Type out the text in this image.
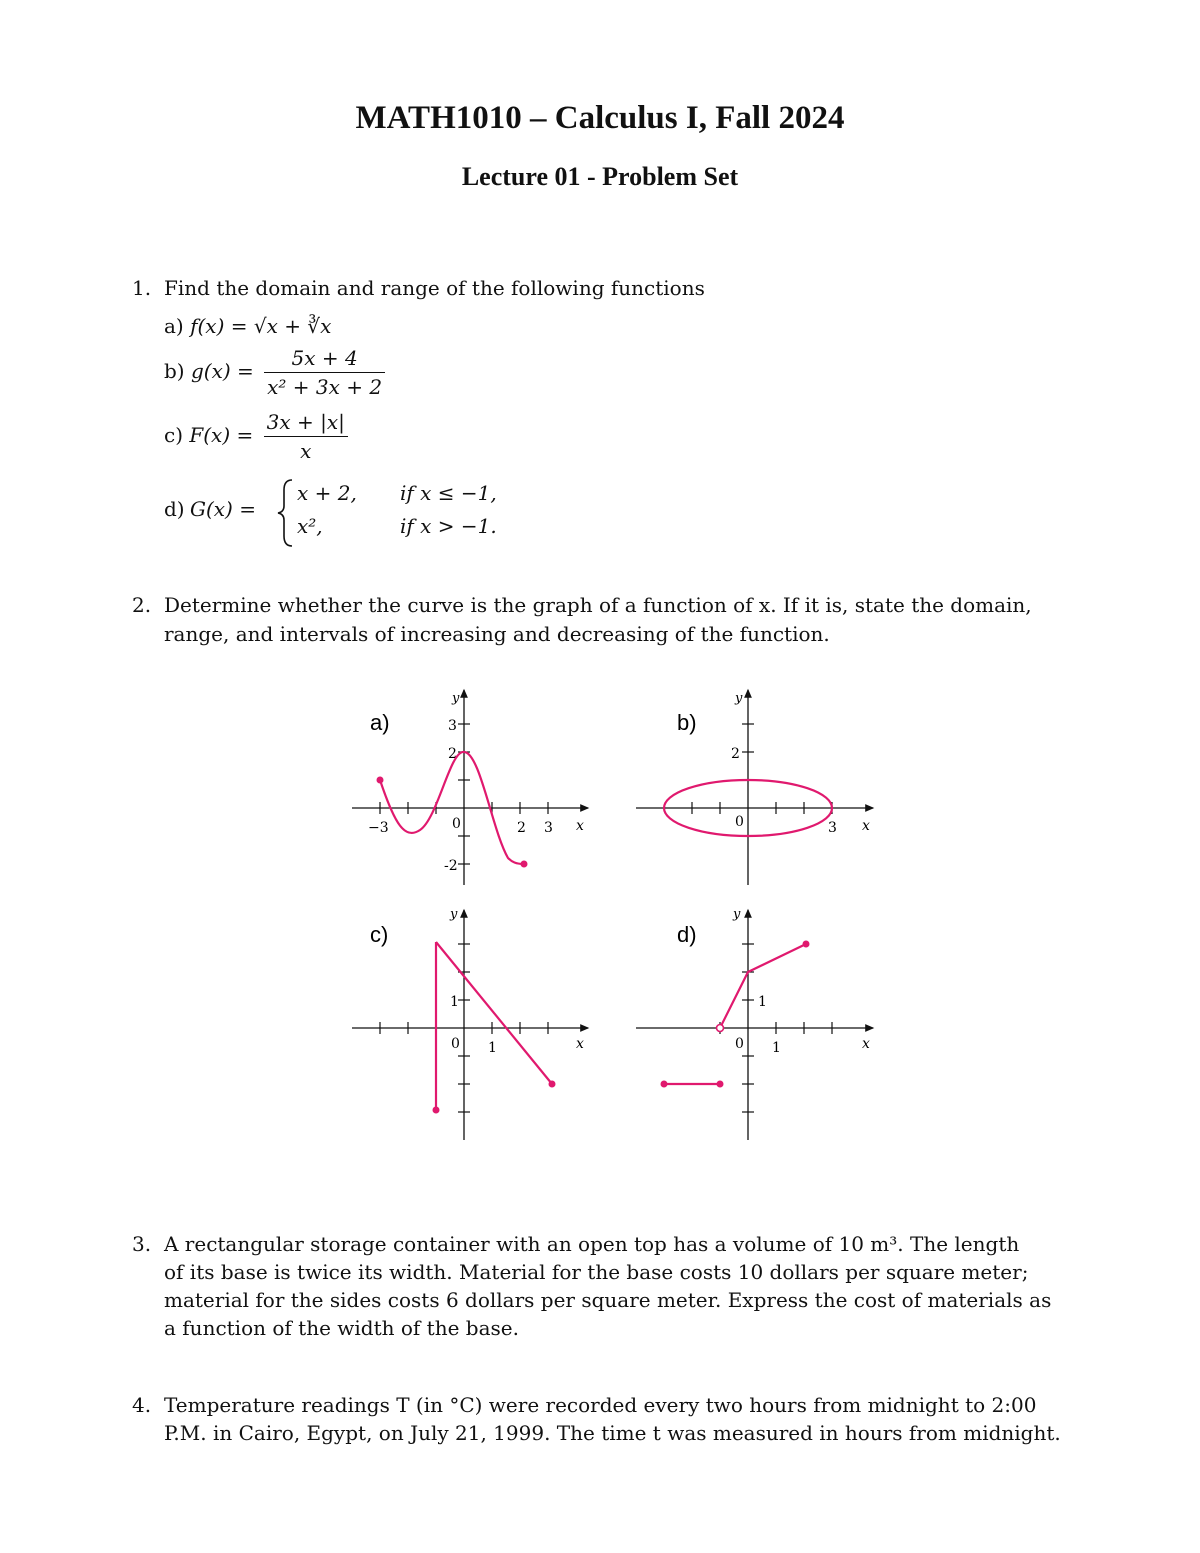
MATH1010 – Calculus I, Fall 2024
Lecture 01 - Problem Set
1. Find the domain and range of the following functions
a) f(x) = √x + ∛x
b) $g(x) = \frac{5x + 4}{\text{x² + 3x + 2}}$
c) $F(x) = \frac{3x + |x|}{x}$
d) G(x) =
x + 2, if x ≤ −1,
x²,	if x > −1.
2. Determine whether the curve is the graph of a function of x. If it is, state the domain,
range, and intervals of increasing and decreasing of the function.
a)
y
x
3
2
-2
−3	0	2 3
b)
y
x
2
0	3
c)
y
x
1
0 1
d)
y
x
1
0 1
3. A rectangular storage container with an open top has a volume of 10 m³. The length
of its base is twice its width. Material for the base costs 10 dollars per square meter;
material for the sides costs 6 dollars per square meter. Express the cost of materials as
a function of the width of the base.
4. Temperature readings T (in °C) were recorded every two hours from midnight to 2:00
P.M. in Cairo, Egypt, on July 21, 1999. The time t was measured in hours from midnight.
